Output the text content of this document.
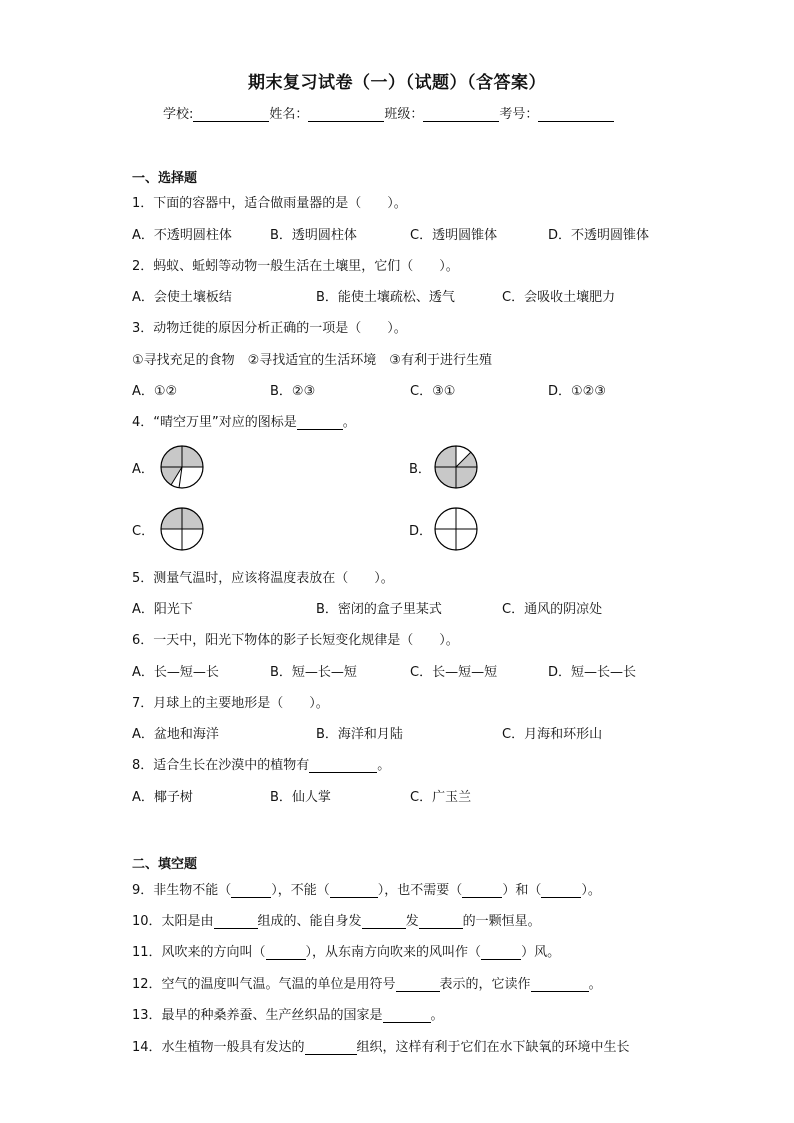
期末复习试卷（一）（试题）（含答案）
学校:	姓名：	班级：	考号：
一、选择题
1．下面的容器中，适合做雨量器的是（　　）。
A．不透明圆柱体	B．透明圆柱体	C．透明圆锥体	D．不透明圆锥体
2．蚂蚁、蚯蚓等动物一般生活在土壤里，它们（　　）。
A．会使土壤板结	B．能使土壤疏松、透气	C．会吸收土壤肥力
3．动物迁徙的原因分析正确的一项是（　　）。
①寻找充足的食物　②寻找适宜的生活环境　③有利于进行生殖
A．①②	B．②③	C．③①	D．①②③
4．“晴空万里”对应的图标是	。
A．	B．
C．	D．
5．测量气温时，应该将温度表放在（　　）。
A．阳光下	B．密闭的盒子里某式	C．通风的阴凉处
6．一天中，阳光下物体的影子长短变化规律是（　　）。
A．长—短—长	B．短—长—短	C．长—短—短	D．短—长—长
7．月球上的主要地形是（　　）。
A．盆地和海洋	B．海洋和月陆	C．月海和环形山
8．适合生长在沙漠中的植物有	。
A．椰子树	B．仙人掌	C．广玉兰
二、填空题
9．非生物不能（	），不能（	），也不需要（	）和（	）。
10．太阳是由	组成的、能自身发	发	的一颗恒星。
11．风吹来的方向叫（	），从东南方向吹来的风叫作（	）风。
12．空气的温度叫气温。气温的单位是用符号	表示的，它读作	。
13．最早的种桑养蚕、生产丝织品的国家是	。
14．水生植物一般具有发达的	组织，这样有利于它们在水下缺氧的环境中生长
